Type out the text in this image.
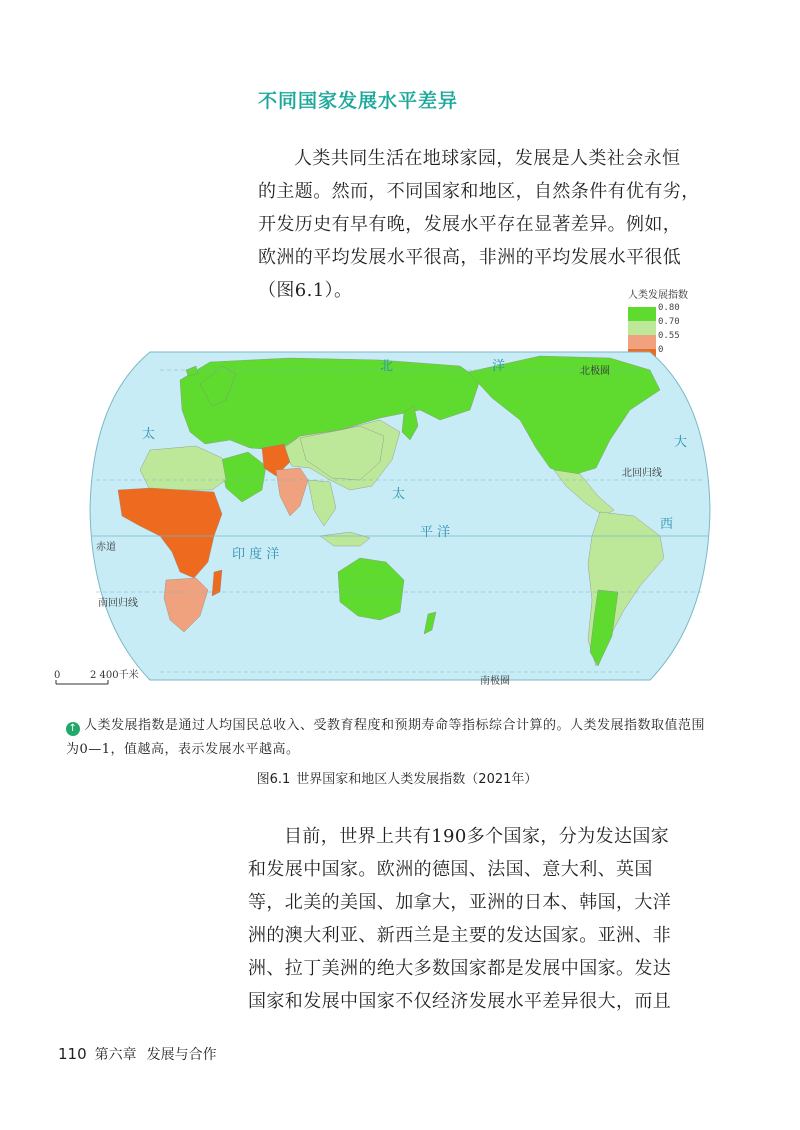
不同国家发展水平差异

人类共同生活在地球家园，发展是人类社会永恒

的主题。然而，不同国家和地区，自然条件有优有劣，

开发历史有早有晚，发展水平存在显著差异。例如，

欧洲的平均发展水平很高，非洲的平均发展水平很低

（图6.1）。	人类发展指数
0.80
0.70
0.55
0
北极圈
北回归线
赤道
南回归线
南极圈
太
平 洋
洋
西
印 度 洋
北
太
大
0	2 400千米
↑ 人类发展指数是通过人均国民总收入、受教育程度和预期寿命等指标综合计算的。人类发展指数取值范围为0—1，值越高，表示发展水平越高。
图6.1 世界国家和地区人类发展指数（2021年）

目前，世界上共有190多个国家，分为发达国家

和发展中国家。欧洲的德国、法国、意大利、英国

等，北美的美国、加拿大，亚洲的日本、韩国，大洋

洲的澳大利亚、新西兰是主要的发达国家。亚洲、非

洲、拉丁美洲的绝大多数国家都是发展中国家。发达

国家和发展中国家不仅经济发展水平差异很大，而且

110 第六章 发展与合作
